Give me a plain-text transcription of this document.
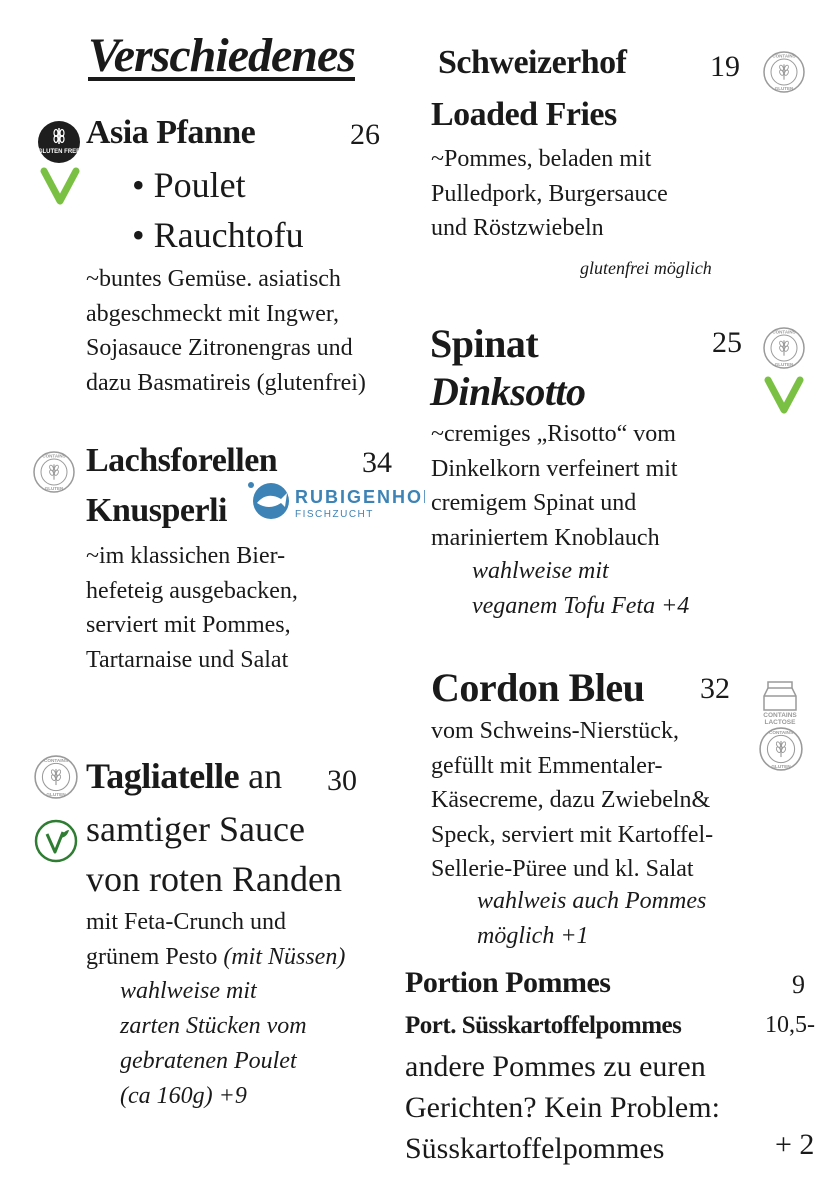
Verschiedenes
GLUTEN FREE
Asia Pfanne	26
• Poulet
• Rauchtofu
~buntes Gemüse. asiatisch
abgeschmeckt mit Ingwer,
Sojasauce Zitronengras und
dazu Basmatireis (glutenfrei)
CONTAINS
GLUTEN
Lachsforellen	34
Knusperli	RUBIGENHOF
FISCHZUCHT
~im klassichen Bier-
hefeteig ausgebacken,
serviert mit Pommes,
Tartarnaise und Salat
CONTAINS
GLUTEN Tagliatelle an 30
samtiger Sauce
von roten Randen
mit Feta-Crunch und
grünem Pesto (mit Nüssen)
wahlweise mit
zarten Stücken vom
gebratenen Poulet
(ca 160g) +9
Schweizerhof	19	CONTAINS
GLUTEN
Loaded Fries
~Pommes, beladen mit
Pulledpork, Burgersauce
und Röstzwiebeln
glutenfrei möglich
Spinat	25	CONTAINS
GLUTEN
Dinksotto
~cremiges „Risotto“ vom
Dinkelkorn verfeinert mit
cremigem Spinat und
mariniertem Knoblauch
wahlweise mit
veganem Tofu Feta +4
Cordon Bleu 32
CONTAINS
LACTOSE
CONTAINS
GLUTEN
vom Schweins-Nierstück,
gefüllt mit Emmentaler-
Käsecreme, dazu Zwiebeln&
Speck, serviert mit Kartoffel-
Sellerie-Püree und kl. Salat
wahlweis auch Pommes
möglich +1
Portion Pommes	9
Port. Süsskartoffelpommes	10,5-
andere Pommes zu euren
Gerichten? Kein Problem:
Süsskartoffelpommes	+ 2
